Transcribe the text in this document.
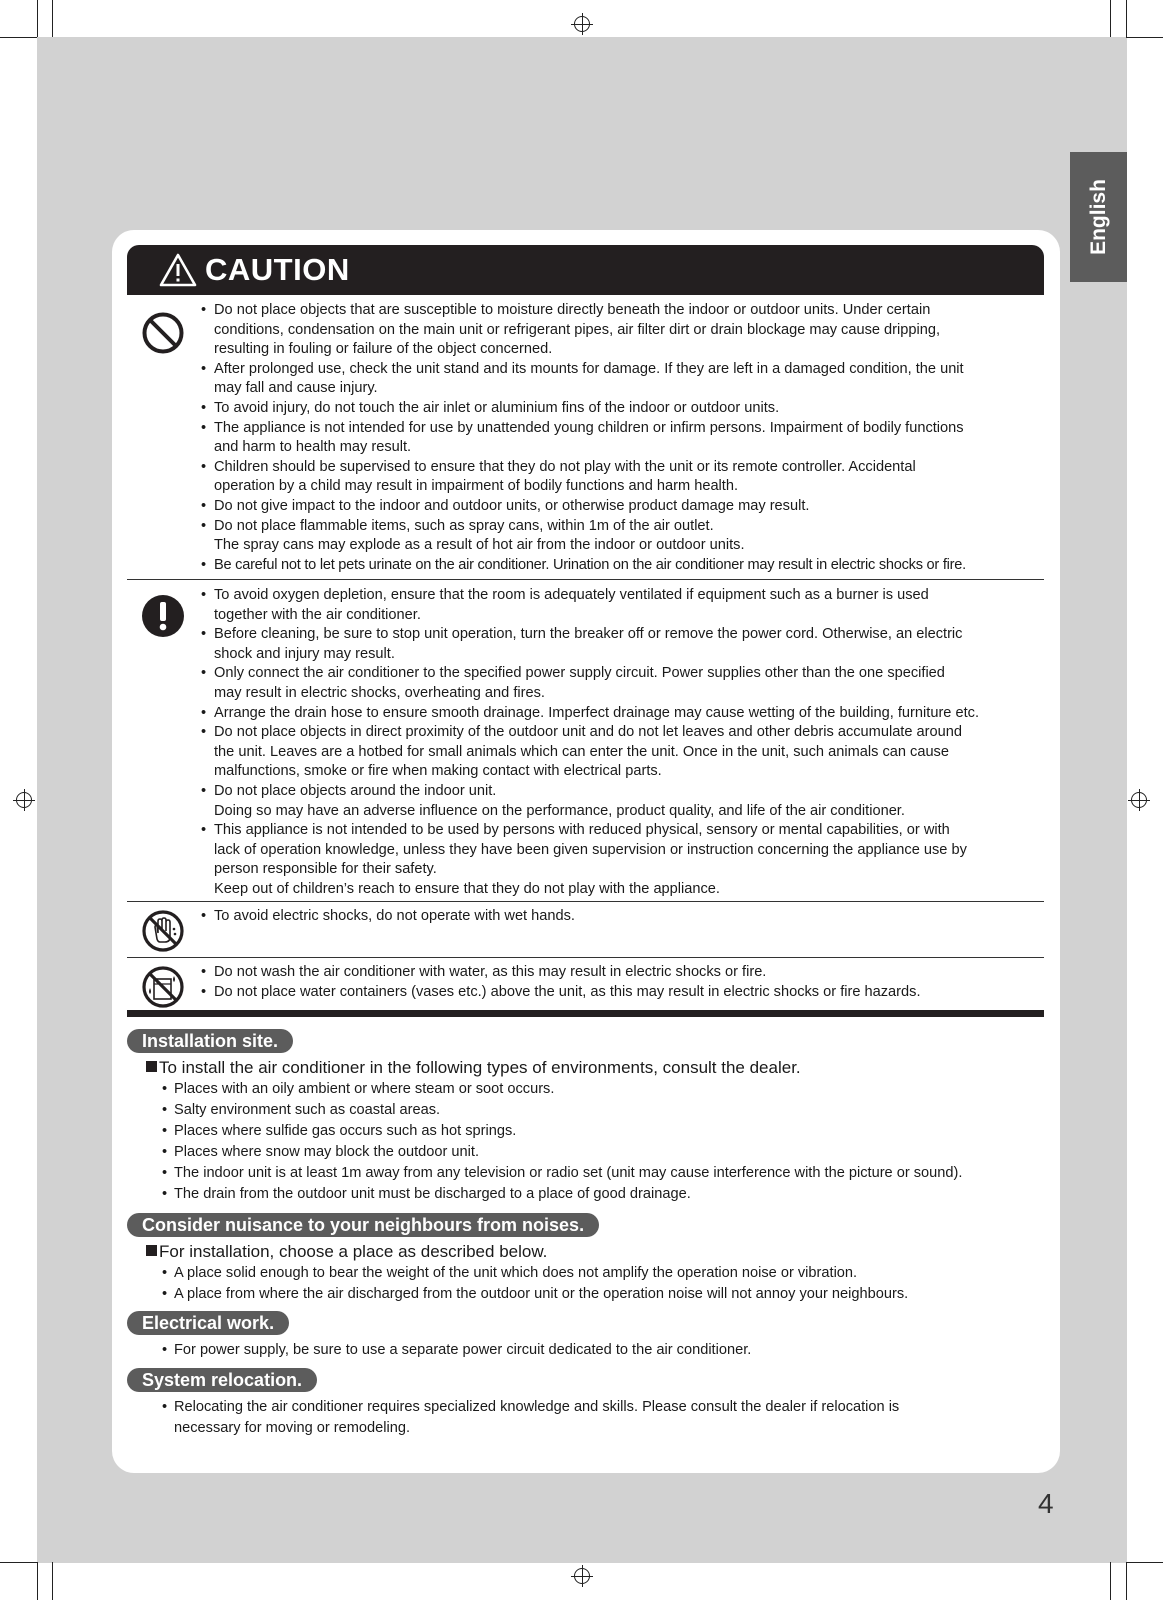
English
CAUTION
• Do not place objects that are susceptible to moisture directly beneath the indoor or outdoor units. Under certain
conditions, condensation on the main unit or refrigerant pipes, air filter dirt or drain blockage may cause dripping,
resulting in fouling or failure of the object concerned.
• After prolonged use, check the unit stand and its mounts for damage. If they are left in a damaged condition, the unit
may fall and cause injury.
• To avoid injury, do not touch the air inlet or aluminium fins of the indoor or outdoor units.
• The appliance is not intended for use by unattended young children or infirm persons. Impairment of bodily functions
and harm to health may result.
• Children should be supervised to ensure that they do not play with the unit or its remote controller. Accidental
operation by a child may result in impairment of bodily functions and harm health.
• Do not give impact to the indoor and outdoor units, or otherwise product damage may result.
• Do not place flammable items, such as spray cans, within 1m of the air outlet.
The spray cans may explode as a result of hot air from the indoor or outdoor units.
• Be careful not to let pets urinate on the air conditioner. Urination on the air conditioner may result in electric shocks or fire.
• To avoid oxygen depletion, ensure that the room is adequately ventilated if equipment such as a burner is used
together with the air conditioner.
• Before cleaning, be sure to stop unit operation, turn the breaker off or remove the power cord. Otherwise, an electric
shock and injury may result.
• Only connect the air conditioner to the specified power supply circuit. Power supplies other than the one specified
may result in electric shocks, overheating and fires.
• Arrange the drain hose to ensure smooth drainage. Imperfect drainage may cause wetting of the building, furniture etc.
• Do not place objects in direct proximity of the outdoor unit and do not let leaves and other debris accumulate around
the unit. Leaves are a hotbed for small animals which can enter the unit. Once in the unit, such animals can cause
malfunctions, smoke or fire when making contact with electrical parts.
• Do not place objects around the indoor unit.
Doing so may have an adverse influence on the performance, product quality, and life of the air conditioner.
• This appliance is not intended to be used by persons with reduced physical, sensory or mental capabilities, or with
lack of operation knowledge, unless they have been given supervision or instruction concerning the appliance use by
person responsible for their safety.
Keep out of children’s reach to ensure that they do not play with the appliance.
• To avoid electric shocks, do not operate with wet hands.
• Do not wash the air conditioner with water, as this may result in electric shocks or fire.
• Do not place water containers (vases etc.) above the unit, as this may result in electric shocks or fire hazards.
Installation site.
To install the air conditioner in the following types of environments, consult the dealer.
• Places with an oily ambient or where steam or soot occurs.
• Salty environment such as coastal areas.
• Places where sulfide gas occurs such as hot springs.
• Places where snow may block the outdoor unit.
• The indoor unit is at least 1m away from any television or radio set (unit may cause interference with the picture or sound).
• The drain from the outdoor unit must be discharged to a place of good drainage.
Consider nuisance to your neighbours from noises.
For installation, choose a place as described below.
• A place solid enough to bear the weight of the unit which does not amplify the operation noise or vibration.
• A place from where the air discharged from the outdoor unit or the operation noise will not annoy your neighbours.
Electrical work.
• For power supply, be sure to use a separate power circuit dedicated to the air conditioner.
System relocation.
• Relocating the air conditioner requires specialized knowledge and skills. Please consult the dealer if relocation is
necessary for moving or remodeling.
4
